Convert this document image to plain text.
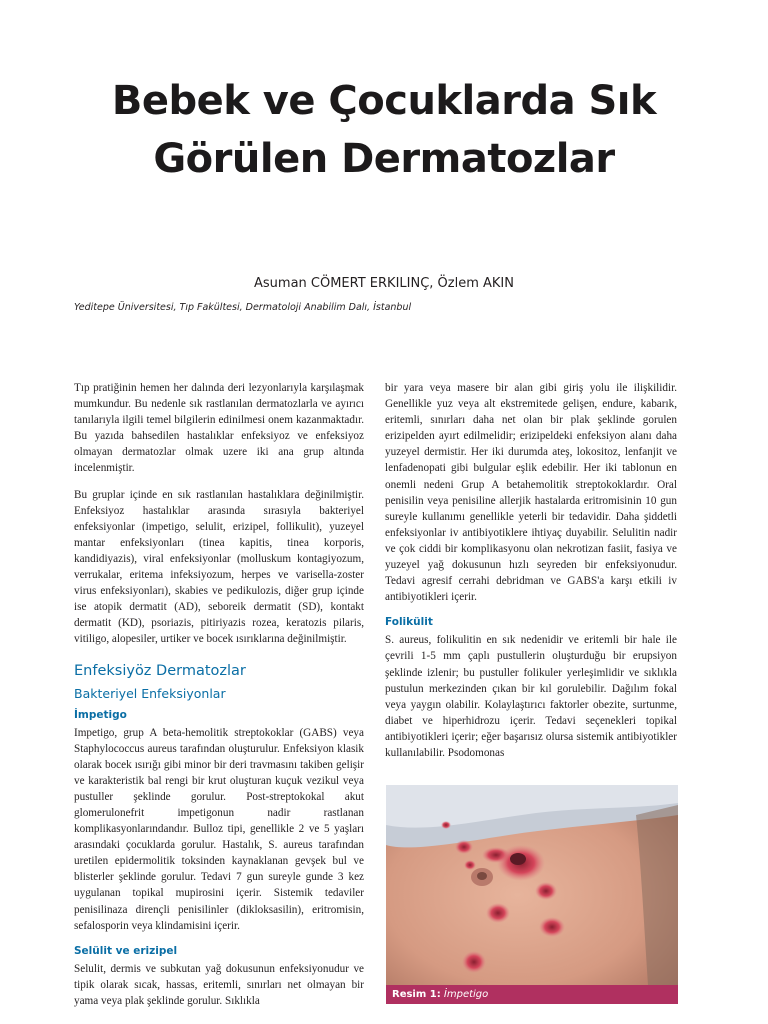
Bebek ve Çocuklarda Sık
Görülen Dermatozlar
Asuman CÖMERT ERKILINÇ, Özlem AKIN
Yeditepe Üniversitesi, Tıp Fakültesi, Dermatoloji Anabilim Dalı, İstanbul

Tıp pratiğinin hemen her dalında deri lezyonlarıyla karşılaşmak mumkundur. Bu nedenle sık rastlanılan dermatozlarla ve ayırıcı tanılarıyla ilgili temel bilgilerin edinilmesi onem kazanmaktadır. Bu yazıda bahsedilen hastalıklar enfeksiyoz ve enfeksiyoz olmayan dermatozlar olmak uzere iki ana grup altında incelenmiştir.

Bu gruplar içinde en sık rastlanılan hastalıklara değinilmiştir. Enfeksiyoz hastalıklar arasında sırasıyla bakteriyel enfeksiyonlar (impetigo, selulit, erizipel, follikulit), yuzeyel mantar enfeksiyonları (tinea kapitis, tinea korporis, kandidiyazis), viral enfeksiyonlar (molluskum kontagiyozum, verrukalar, eritema infeksiyozum, herpes ve varisella-zoster virus enfeksiyonları), skabies ve pedikulozis, diğer grup içinde ise atopik dermatit (AD), seboreik dermatit (SD), kontakt dermatit (KD), psoriazis, pitiriyazis rozea, keratozis pilaris, vitiligo, alopesiler, urtiker ve bocek ısırıklarına değinilmiştir.

Enfeksiyöz Dermatozlar
Bakteriyel Enfeksiyonlar
İmpetigo

Impetigo, grup A beta-hemolitik streptokoklar (GABS) veya Staphylococcus aureus tarafından oluşturulur. Enfeksiyon klasik olarak bocek ısırığı gibi minor bir deri travmasını takiben gelişir ve karakteristik bal rengi bir krut oluşturan kuçuk vezikul veya pustuller şeklinde gorulur. Post-streptokokal akut glomerulonefrit impetigonun nadir rastlanan komplikasyonlarındandır. Bulloz tipi, genellikle 2 ve 5 yaşları arasındaki çocuklarda gorulur. Hastalık, S. aureus tarafından uretilen epidermolitik toksinden kaynaklanan gevşek bul ve blisterler şeklinde gorulur. Tedavi 7 gun sureyle gunde 3 kez uygulanan topikal mupirosini içerir. Sistemik tedaviler penisilinaza dirençli penisilinler (dikloksasilin), eritromisin, sefalosporin veya klindamisini içerir.

Selülit ve erizipel

Selulit, dermis ve subkutan yağ dokusunun enfeksiyonudur ve tipik olarak sıcak, hassas, eritemli, sınırları net olmayan bir yama veya plak şeklinde gorulur. Sıklıkla

bir yara veya masere bir alan gibi giriş yolu ile ilişkilidir. Genellikle yuz veya alt ekstremitede gelişen, endure, kabarık, eritemli, sınırları daha net olan bir plak şeklinde gorulen erizipelden ayırt edilmelidir; erizipeldeki enfeksiyon alanı daha yuzeyel dermistir. Her iki durumda ateş, lokositoz, lenfanjit ve lenfadenopati gibi bulgular eşlik edebilir. Her iki tablonun en onemli nedeni Grup A betahemolitik streptokoklardır. Oral penisilin veya penisiline allerjik hastalarda eritromisinin 10 gun sureyle kullanımı genellikle yeterli bir tedavidir. Daha şiddetli enfeksiyonlar iv antibiyotiklere ihtiyaç duyabilir. Selulitin nadir ve çok ciddi bir komplikasyonu olan nekrotizan fasiit, fasiya ve yuzeyel yağ dokusunun hızlı seyreden bir enfeksiyonudur. Tedavi agresif cerrahi debridman ve GABS'a karşı etkili iv antibiyotikleri içerir.

Folikülit

S. aureus, folikulitin en sık nedenidir ve eritemli bir hale ile çevrili 1-5 mm çaplı pustullerin oluşturduğu bir erupsiyon şeklinde izlenir; bu pustuller folikuler yerleşimlidir ve sıklıkla pustulun merkezinden çıkan bir kıl gorulebilir. Dağılım fokal veya yaygın olabilir. Kolaylaştırıcı faktorler obezite, surtunme, diabet ve hiperhidrozu içerir. Tedavi seçenekleri topikal antibiyotikleri içerir; eğer başarısız olursa sistemik antibiyotikler kullanılabilir. Psodomonas

Resim 1: İmpetigo
